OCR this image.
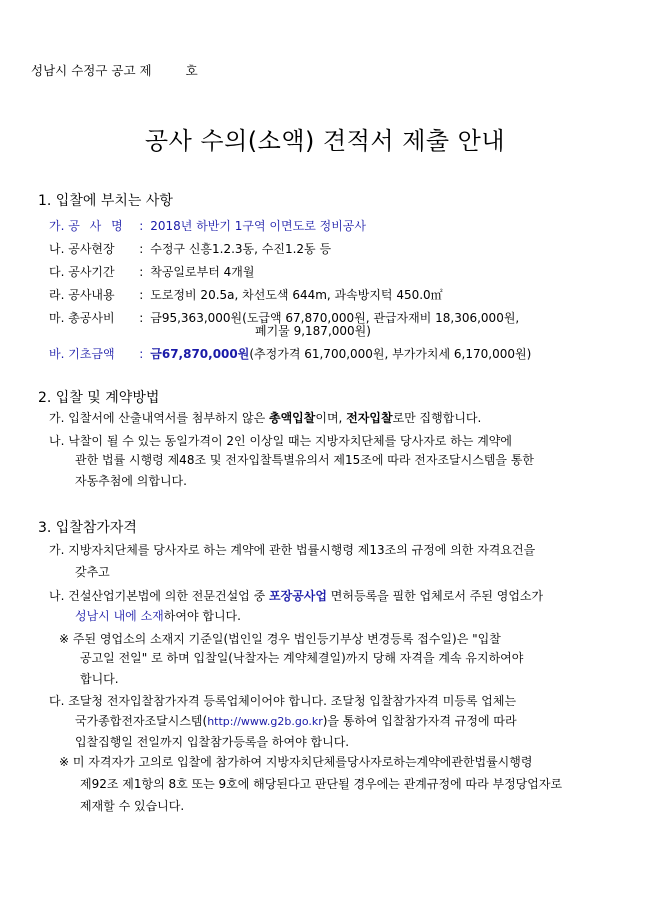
성남시 수정구 공고 제	호
공사 수의(소액) 견적서 제출 안내
1. 입찰에 부치는 사항
가. 공 사 명 : 2018년 하반기 1구역 이면도로 정비공사
나. 공사현장 : 수정구 신흥1.2.3동, 수진1.2동 등
다. 공사기간 : 착공일로부터 4개월
라. 공사내용 : 도로정비 20.5a, 차선도색 644m, 과속방지턱 450.0㎡
마. 총공사비 : 금95,363,000원(도급액 67,870,000원, 관급자재비 18,306,000원,
폐기물 9,187,000원)
바. 기초금액 : 금67,870,000원(추정가격 61,700,000원, 부가가치세 6,170,000원)
2. 입찰 및 계약방법
가. 입찰서에 산출내역서를 첨부하지 않은 총액입찰이며, 전자입찰로만 집행합니다.
나. 낙찰이 될 수 있는 동일가격이 2인 이상일 때는 지방자치단체를 당사자로 하는 계약에
관한 법률 시행령 제48조 및 전자입찰특별유의서 제15조에 따라 전자조달시스템을 통한
자동추첨에 의합니다.
3. 입찰참가자격
가. 지방자치단체를 당사자로 하는 계약에 관한 법률시행령 제13조의 규정에 의한 자격요건을
갖추고
나. 건설산업기본법에 의한 전문건설업 중 포장공사업 면허등록을 필한 업체로서 주된 영업소가
성남시 내에 소재하여야 합니다.
※ 주된 영업소의 소재지 기준일(법인일 경우 법인등기부상 변경등록 접수일)은 "입찰
공고일 전일" 로 하며 입찰일(낙찰자는 계약체결일)까지 당해 자격을 계속 유지하여야
합니다.
다. 조달청 전자입찰참가자격 등록업체이어야 합니다. 조달청 입찰참가자격 미등록 업체는
국가종합전자조달시스템(http://www.g2b.go.kr)을 통하여 입찰참가자격 규정에 따라
입찰집행일 전일까지 입찰참가등록을 하여야 합니다.
※ 미 자격자가 고의로 입찰에 참가하여 지방자치단체를당사자로하는계약에관한법률시행령
제92조 제1항의 8호 또는 9호에 해당된다고 판단될 경우에는 관계규정에 따라 부정당업자로
제재할 수 있습니다.
